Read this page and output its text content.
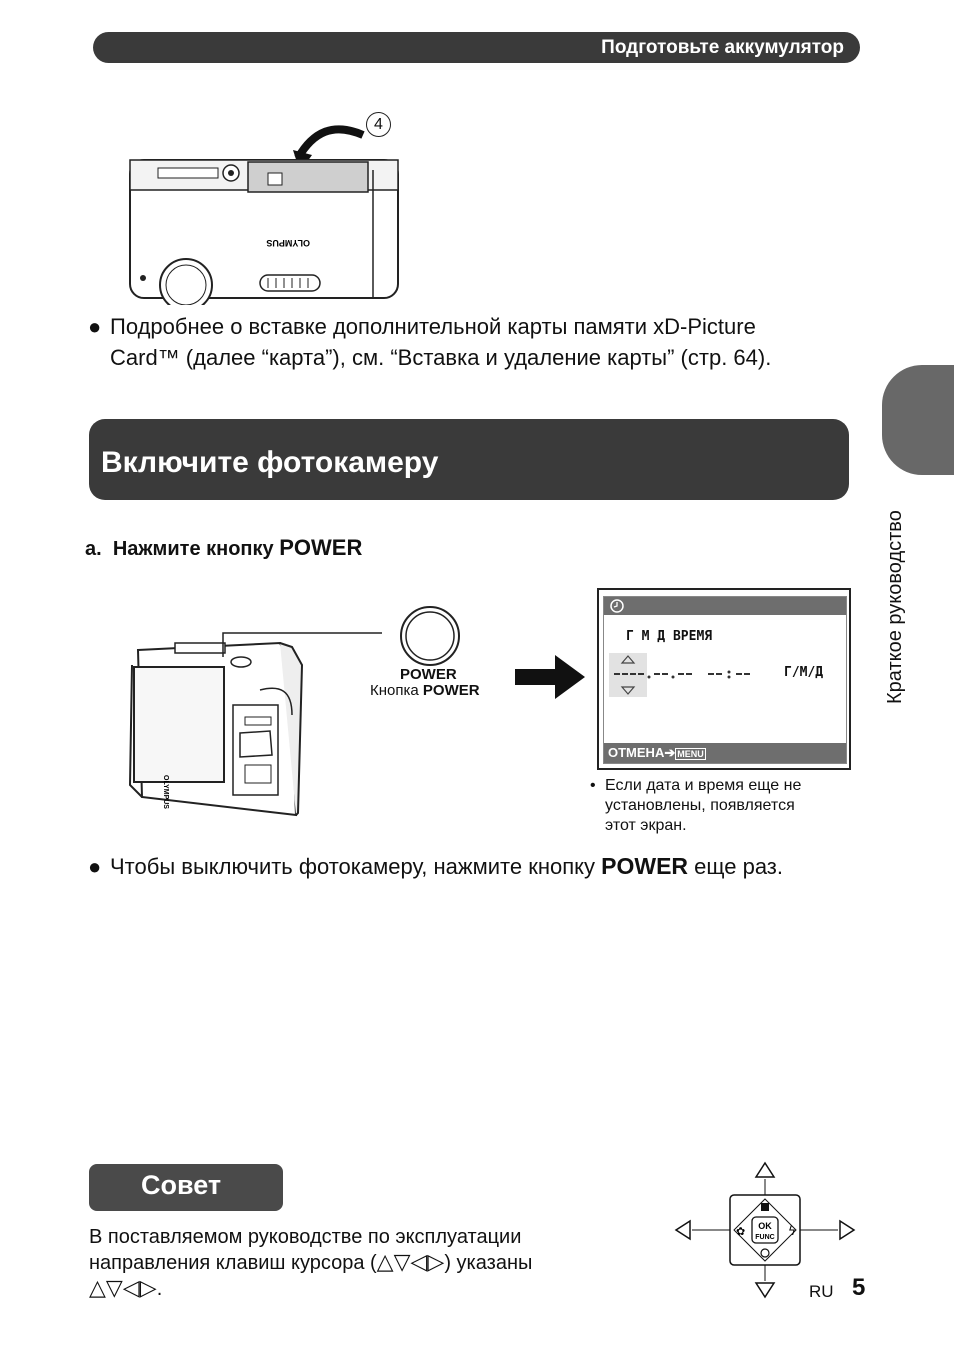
Подготовьте аккумулятор
OLYMPUS
4
● Подробнее о вставке дополнительной карты памяти xD-Picture
Card™ (далее “карта”), см. “Вставка и удаление карты” (стр. 64).
Включите фотокамеру
Краткое руководство
a. Нажмите кнопку POWER
OLYMPUS
POWER
Кнопка POWER
Г М Д ВРЕМЯ
Г/М/Д
ОТМЕНА➔ MENU
• Если дата и время еще не
установлены, появляется
этот экран.
● Чтобы выключить фотокамеру, нажмите кнопку POWER еще раз.
Совет
В поставляемом руководстве по эксплуатации
направления клавиш курсора (△▽◁▷) указаны
△▽◁▷.
✿	ϟ
OK
FUNC
RU 5
